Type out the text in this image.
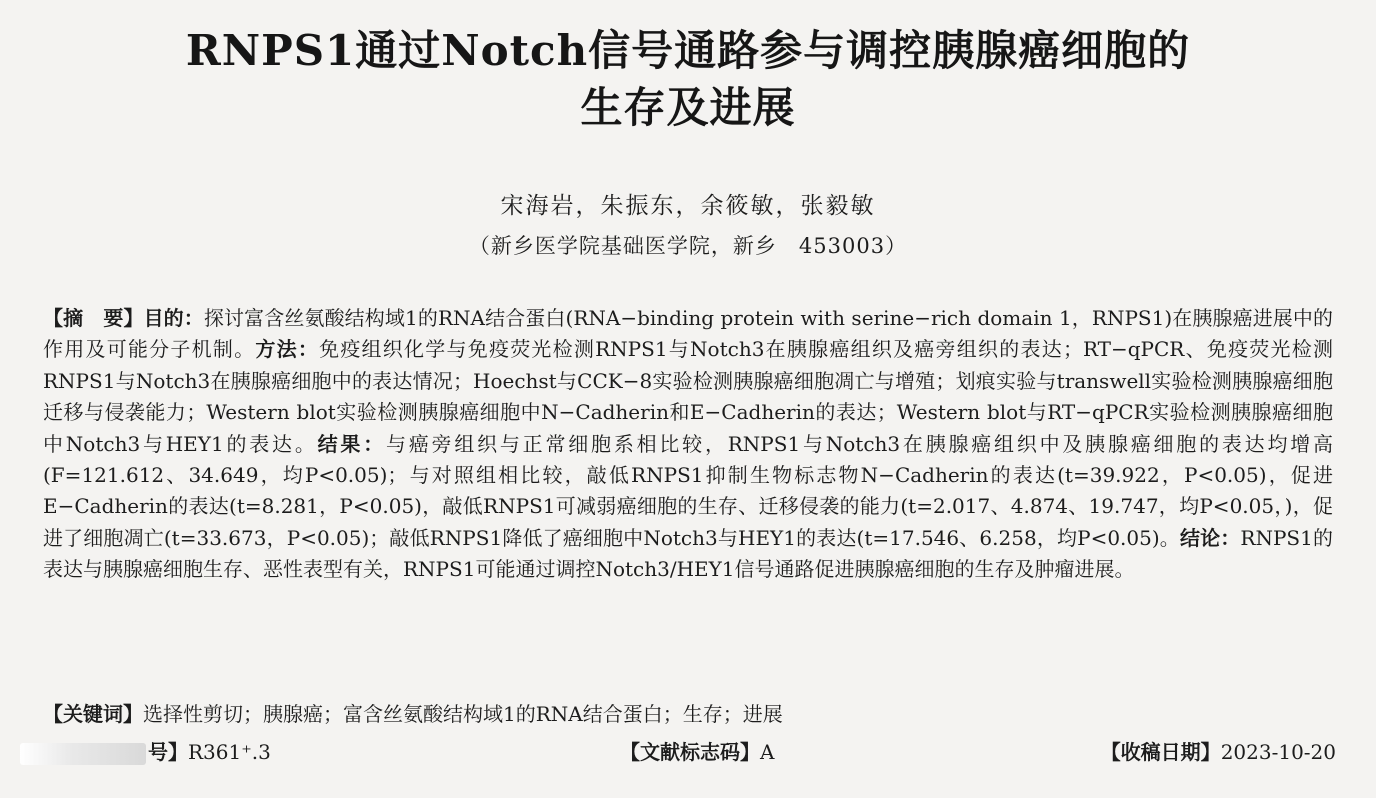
RNPS1通过Notch信号通路参与调控胰腺癌细胞的
生存及进展
宋海岩，朱振东，余筱敏，张毅敏
（新乡医学院基础医学院，新乡　453003）
【摘　要】目的：探讨富含丝氨酸结构域1的RNA结合蛋白(RNA−binding protein with serine−rich domain 1，RNPS1)在胰腺癌进展中的作用及可能分子机制。方法：免疫组织化学与免疫荧光检测RNPS1与Notch3在胰腺癌组织及癌旁组织的表达；RT−qPCR、免疫荧光检测RNPS1与Notch3在胰腺癌细胞中的表达情况；Hoechst与CCK−8实验检测胰腺癌细胞凋亡与增殖；划痕实验与transwell实验检测胰腺癌细胞迁移与侵袭能力；Western blot实验检测胰腺癌细胞中N−Cadherin和E−Cadherin的表达；Western blot与RT−qPCR实验检测胰腺癌细胞中Notch3与HEY1的表达。结果：与癌旁组织与正常细胞系相比较，RNPS1与Notch3在胰腺癌组织中及胰腺癌细胞的表达均增高(F=121.612、34.649，均P<0.05)；与对照组相比较，敲低RNPS1抑制生物标志物N−Cadherin的表达(t=39.922，P<0.05)，促进E−Cadherin的表达(t=8.281，P<0.05)，敲低RNPS1可减弱癌细胞的生存、迁移侵袭的能力(t=2.017、4.874、19.747，均P<0.05，)，促进了细胞凋亡(t=33.673，P<0.05)；敲低RNPS1降低了癌细胞中Notch3与HEY1的表达(t=17.546、6.258，均P<0.05)。结论：RNPS1的表达与胰腺癌细胞生存、恶性表型有关，RNPS1可能通过调控Notch3/HEY1信号通路促进胰腺癌细胞的生存及肿瘤进展。
【关键词】选择性剪切；胰腺癌；富含丝氨酸结构域1的RNA结合蛋白；生存；进展
号】R361⁺.3	【文献标志码】A	【收稿日期】2023-10-20
